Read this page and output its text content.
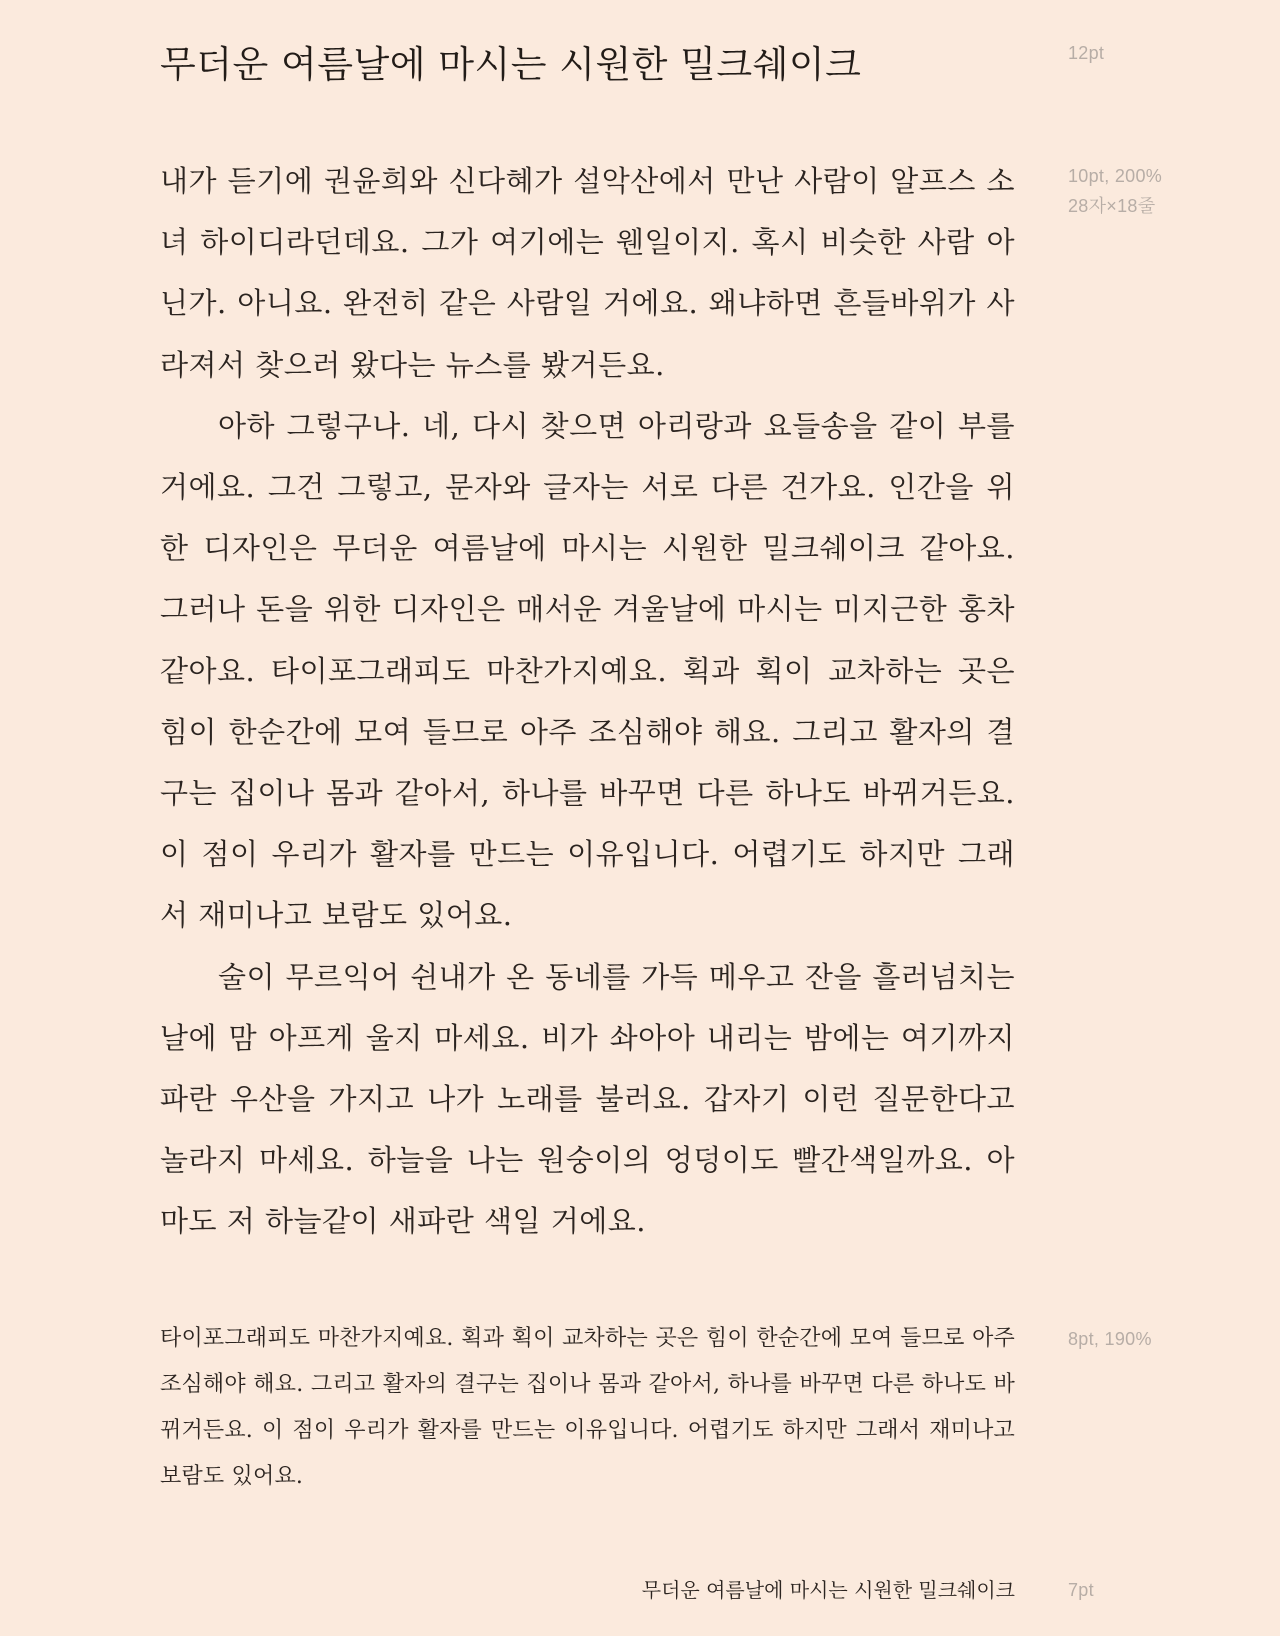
무더운 여름날에 마시는 시원한 밀크쉐이크	12pt

내가 듣기에 권윤희와 신다혜가 설악산에서 만난 사람이 알프스 소녀 하이디라던데요. 그가 여기에는 웬일이지. 혹시 비슷한 사람 아닌가. 아니요. 완전히 같은 사람일 거에요. 왜냐하면 흔들바위가 사라져서 찾으러 왔다는 뉴스를 봤거든요.

아하 그렇구나. 네, 다시 찾으면 아리랑과 요들송을 같이 부를 거에요. 그건 그렇고, 문자와 글자는 서로 다른 건가요. 인간을 위한 디자인은 무더운 여름날에 마시는 시원한 밀크쉐이크 같아요. 그러나 돈을 위한 디자인은 매서운 겨울날에 마시는 미지근한 홍차 같아요. 타이포그래피도 마찬가지예요. 획과 획이 교차하는 곳은 힘이 한순간에 모여 들므로 아주 조심해야 해요. 그리고 활자의 결구는 집이나 몸과 같아서, 하나를 바꾸면 다른 하나도 바뀌거든요. 이 점이 우리가 활자를 만드는 이유입니다. 어렵기도 하지만 그래서 재미나고 보람도 있어요.

술이 무르익어 쉰내가 온 동네를 가득 메우고 잔을 흘러넘치는 날에 맘 아프게 울지 마세요. 비가 솨아아 내리는 밤에는 여기까지 파란 우산을 가지고 나가 노래를 불러요. 갑자기 이런 질문한다고 놀라지 마세요. 하늘을 나는 원숭이의 엉덩이도 빨간색일까요. 아마도 저 하늘같이 새파란 색일 거에요.

10pt, 200%
28자×18줄
타이포그래피도 마찬가지예요. 획과 획이 교차하는 곳은 힘이 한순간에 모여 들므로 아주 조심해야 해요. 그리고 활자의 결구는 집이나 몸과 같아서, 하나를 바꾸면 다른 하나도 바뀌거든요. 이 점이 우리가 활자를 만드는 이유입니다. 어렵기도 하지만 그래서 재미나고 보람도 있어요.
8pt, 190%
무더운 여름날에 마시는 시원한 밀크쉐이크	7pt
